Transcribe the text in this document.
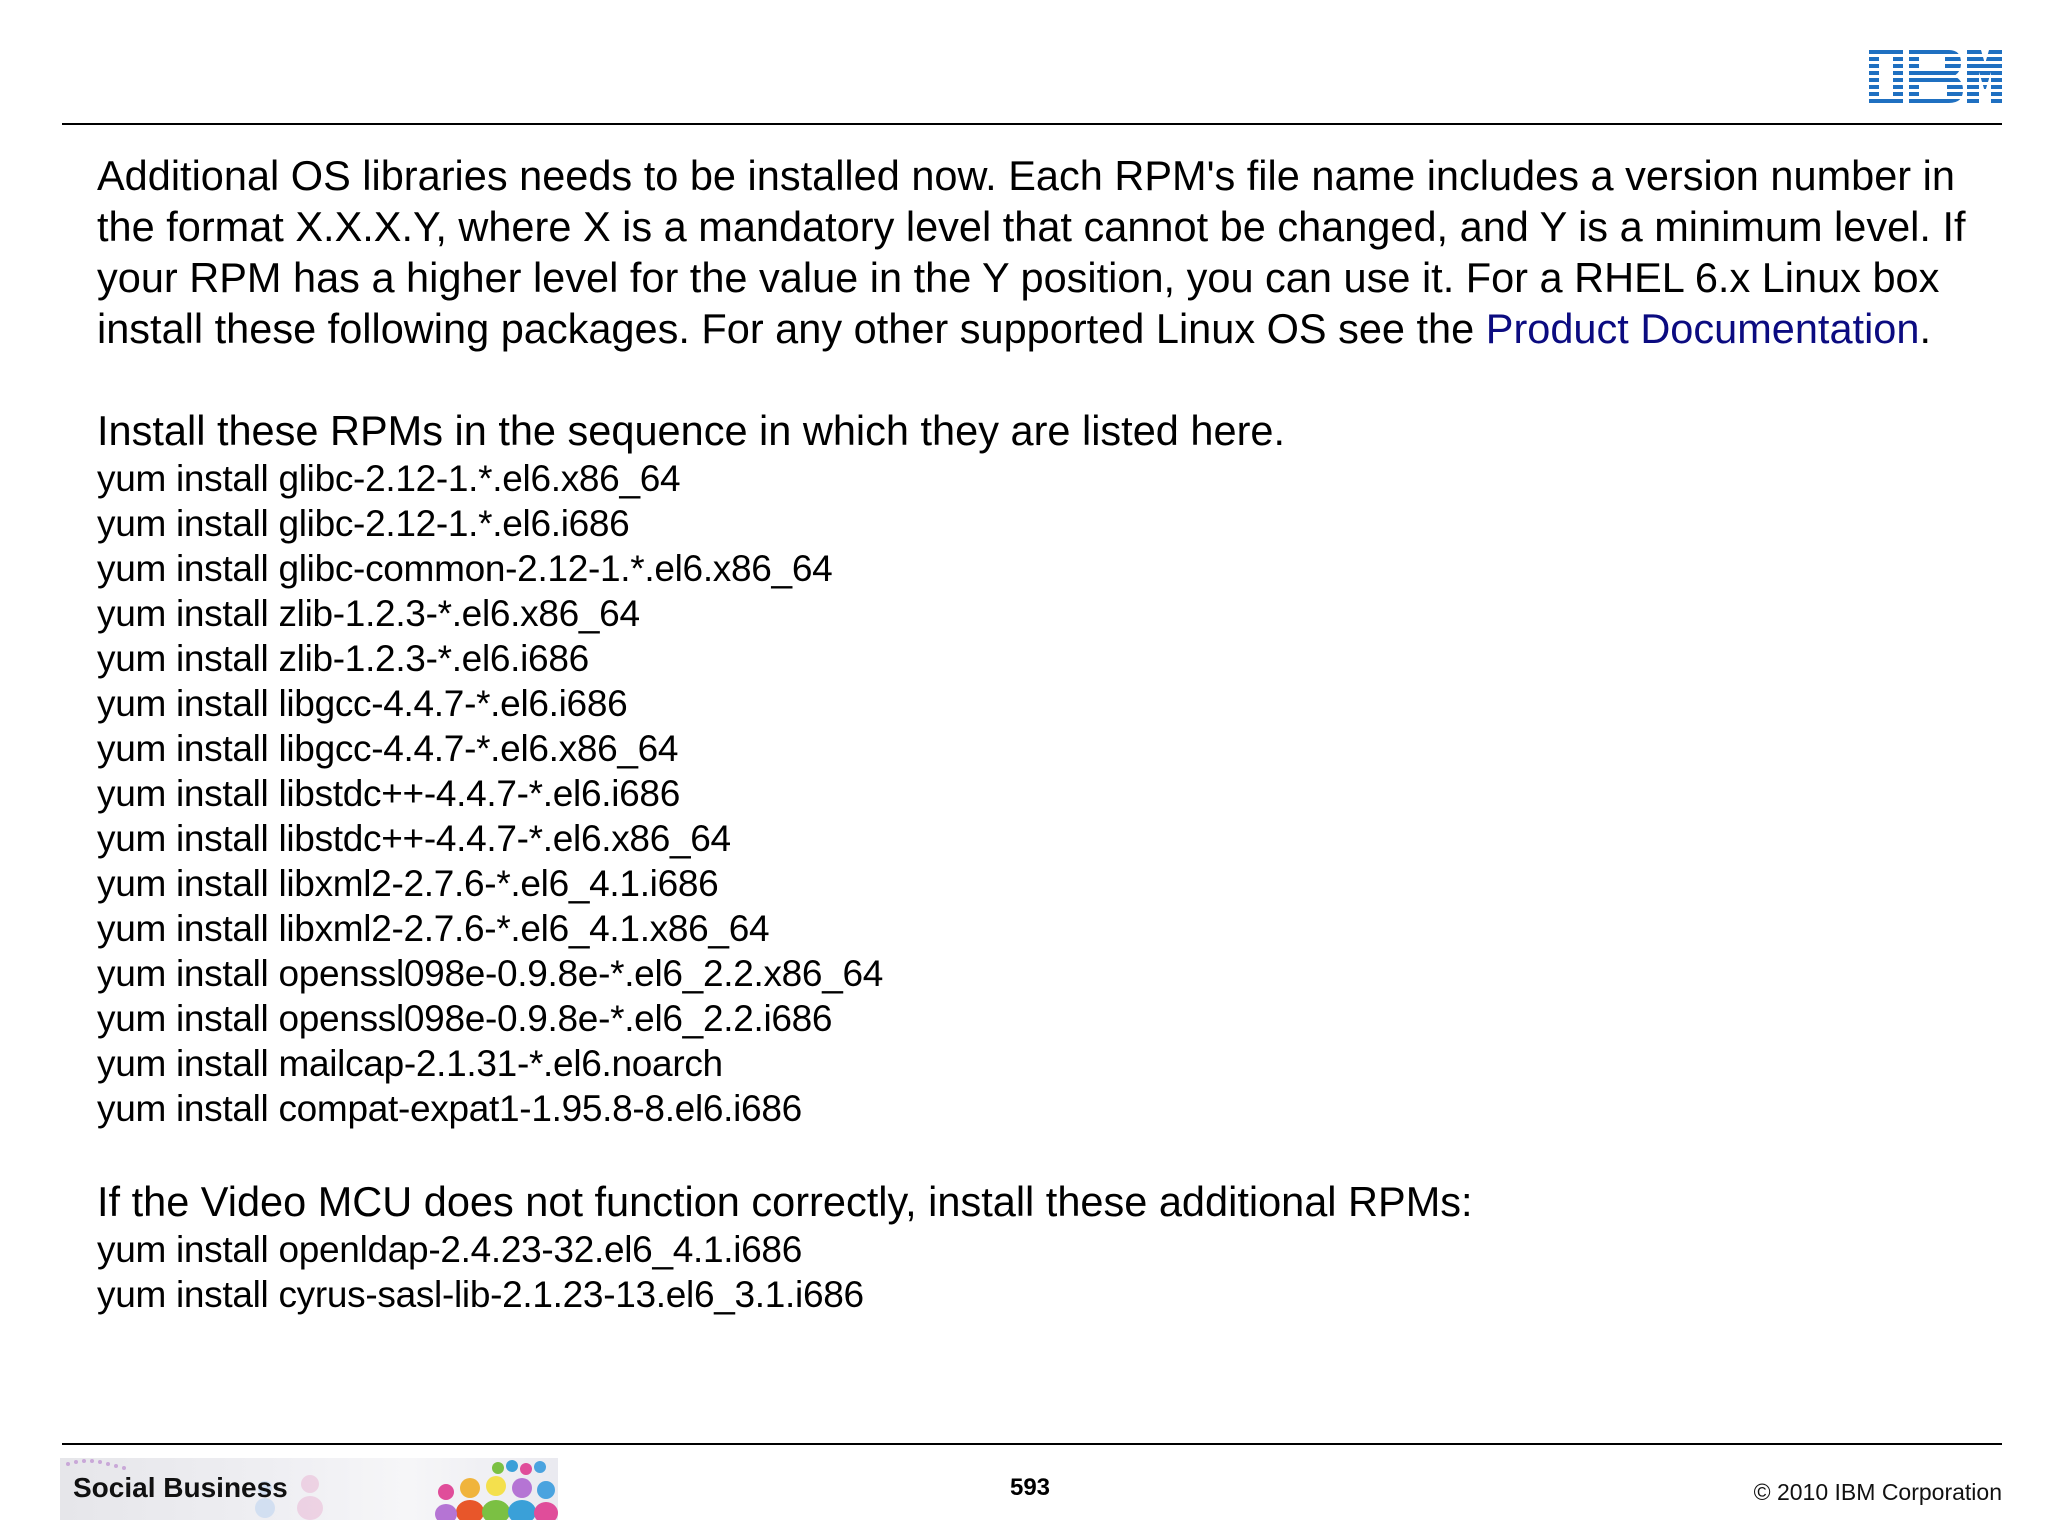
Additional OS libraries needs to be installed now. Each RPM's file name includes a version number in the format X.X.X.Y, where X is a mandatory level that cannot be changed, and Y is a minimum level. If your RPM has a higher level for the value in the Y position, you can use it. For a RHEL 6.x Linux box install these following packages. For any other supported Linux OS see the Product Documentation.

Install these RPMs in the sequence in which they are listed here.

yum install glibc-2.12-1.*.el6.x86_64
yum install glibc-2.12-1.*.el6.i686
yum install glibc-common-2.12-1.*.el6.x86_64
yum install zlib-1.2.3-*.el6.x86_64
yum install zlib-1.2.3-*.el6.i686
yum install libgcc-4.4.7-*.el6.i686
yum install libgcc-4.4.7-*.el6.x86_64
yum install libstdc++-4.4.7-*.el6.i686
yum install libstdc++-4.4.7-*.el6.x86_64
yum install libxml2-2.7.6-*.el6_4.1.i686
yum install libxml2-2.7.6-*.el6_4.1.x86_64
yum install openssl098e-0.9.8e-*.el6_2.2.x86_64
yum install openssl098e-0.9.8e-*.el6_2.2.i686
yum install mailcap-2.1.31-*.el6.noarch
yum install compat-expat1-1.95.8-8.el6.i686

If the Video MCU does not function correctly, install these additional RPMs:

yum install openldap-2.4.23-32.el6_4.1.i686
yum install cyrus-sasl-lib-2.1.23-13.el6_3.1.i686
Social Business	593	© 2010 IBM Corporation
